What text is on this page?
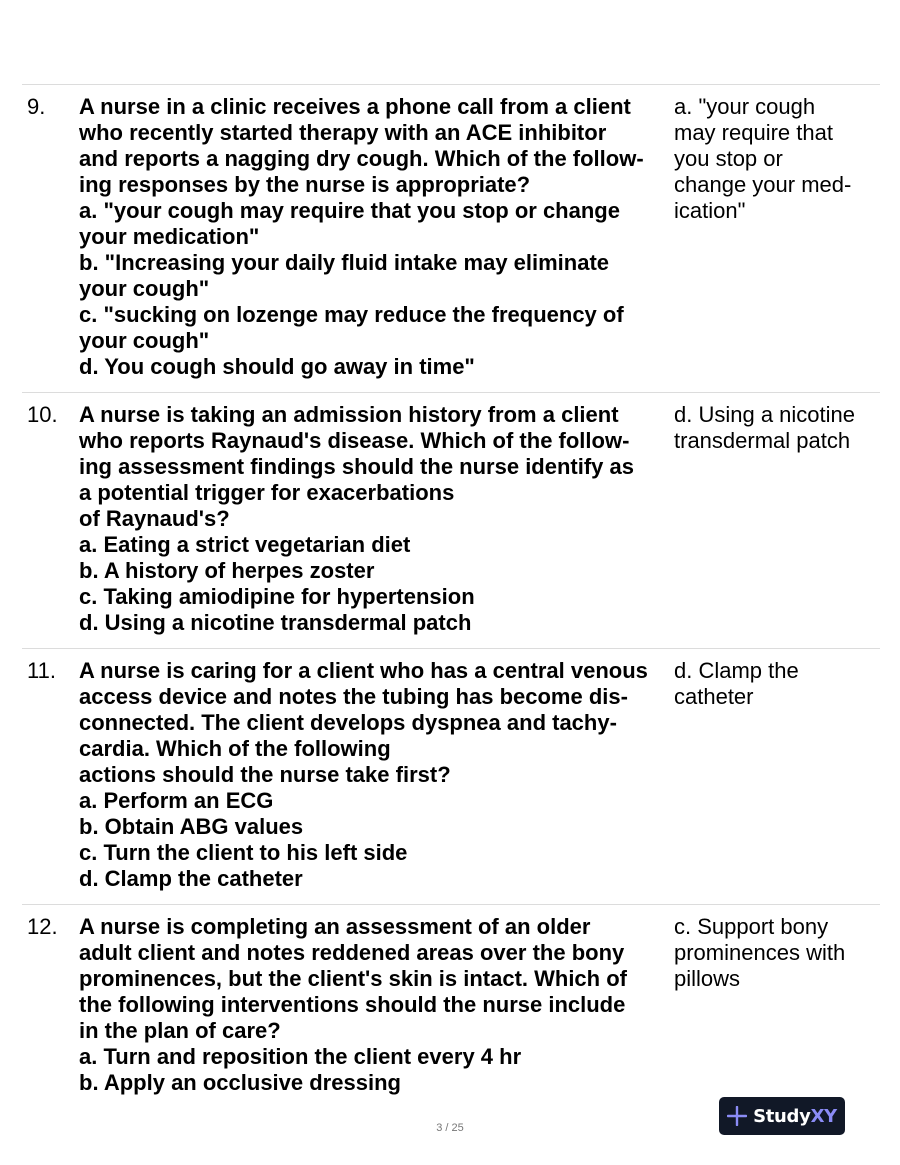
9.	A nurse in a clinic receives a phone call from a client
who recently started therapy with an ACE inhibitor
and reports a nagging dry cough. Which of the follow-
ing responses by the nurse is appropriate?
a. "your cough may require that you stop or change
your medication"
b. "Increasing your daily fluid intake may eliminate
your cough"
c. "sucking on lozenge may reduce the frequency of
your cough"
d. You cough should go away in time"
a. "your cough
may require that
you stop or
change your med-
ication"
10. A nurse is taking an admission history from a client
who reports Raynaud's disease. Which of the follow-
ing assessment findings should the nurse identify as
a potential trigger for exacerbations
of Raynaud's?
a. Eating a strict vegetarian diet
b. A history of herpes zoster
c. Taking amiodipine for hypertension
d. Using a nicotine transdermal patch
d. Using a nicotine
transdermal patch
11.	A nurse is caring for a client who has a central venous
access device and notes the tubing has become dis-
connected. The client develops dyspnea and tachy-
cardia. Which of the following
actions should the nurse take first?
a. Perform an ECG
b. Obtain ABG values
c. Turn the client to his left side
d. Clamp the catheter
d. Clamp the
catheter
12. A nurse is completing an assessment of an older
adult client and notes reddened areas over the bony
prominences, but the client's skin is intact. Which of
the following interventions should the nurse include
in the plan of care?
a. Turn and reposition the client every 4 hr
b. Apply an occlusive dressing
c. Support bony
prominences with
pillows
3 / 25
StudyXY
